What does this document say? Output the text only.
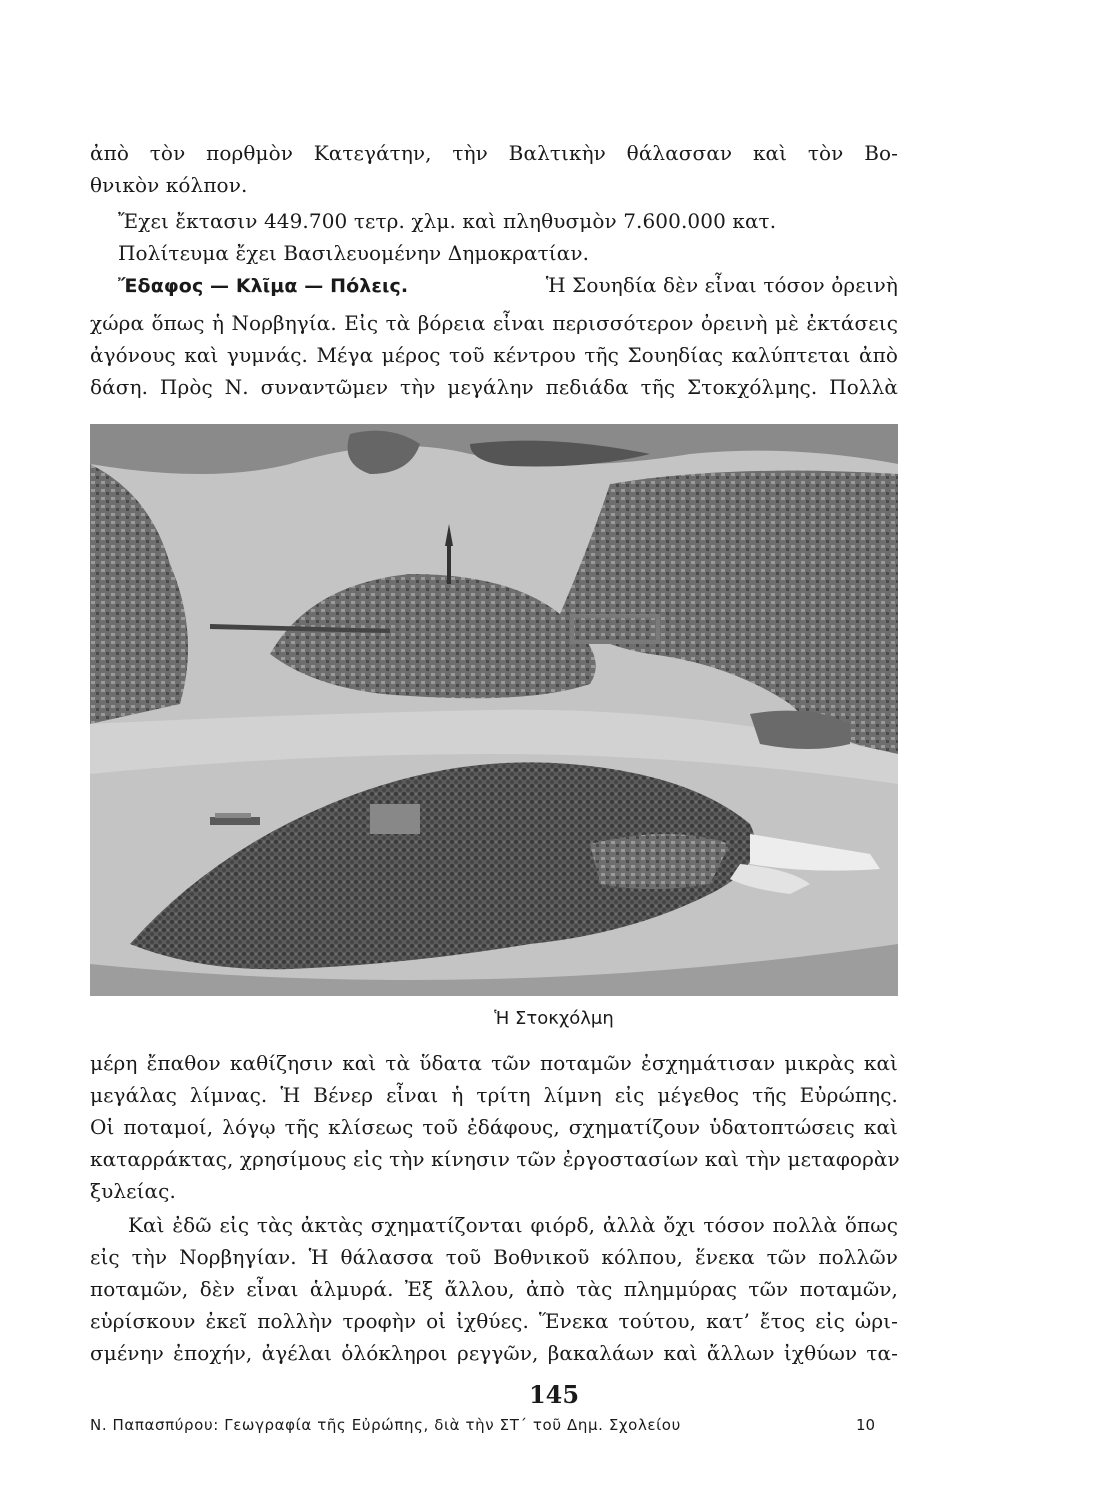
ἀπὸ τὸν πορθμὸν Κατεγάτην, τὴν Βαλτικὴν θάλασσαν καὶ τὸν Βο-
θνικὸν κόλπον.
Ἔχει ἔκτασιν 449.700 τετρ. χλμ. καὶ πληθυσμὸν 7.600.000 κατ.
Πολίτευμα ἔχει Βασιλευομένην Δημοκρατίαν.
Ἔδαφος — Κλῖμα — Πόλεις.	Ἡ Σουηδία δὲν εἶναι τόσον ὀρεινὴ
χώρα ὅπως ἡ Νορβηγία. Εἰς τὰ βόρεια εἶναι περισσότερον ὀρεινὴ μὲ ἐκτάσεις
ἀγόνους καὶ γυμνάς. Μέγα μέρος τοῦ κέντρου τῆς Σουηδίας καλύπτεται ἀπὸ
δάση. Πρὸς Ν. συναντῶμεν τὴν μεγάλην πεδιάδα τῆς Στοκχόλμης. Πολλὰ
Ἡ Στοκχόλμη
μέρη ἔπαθον καθίζησιν καὶ τὰ ὕδατα τῶν ποταμῶν ἐσχημάτισαν μικρὰς καὶ
μεγάλας λίμνας. Ἡ Βένερ εἶναι ἡ τρίτη λίμνη εἰς μέγεθος τῆς Εὐρώπης.
Οἱ ποταμοί, λόγῳ τῆς κλίσεως τοῦ ἐδάφους, σχηματίζουν ὑδατοπτώσεις καὶ
καταρράκτας, χρησίμους εἰς τὴν κίνησιν τῶν ἐργοστασίων καὶ τὴν μεταφορὰν
ξυλείας.
Καὶ ἐδῶ εἰς τὰς ἀκτὰς σχηματίζονται φιόρδ, ἀλλὰ ὄχι τόσον πολλὰ ὅπως
εἰς τὴν Νορβηγίαν. Ἡ θάλασσα τοῦ Βοθνικοῦ κόλπου, ἕνεκα τῶν πολλῶν
ποταμῶν, δὲν εἶναι ἁλμυρά. Ἐξ ἄλλου, ἀπὸ τὰς πλημμύρας τῶν ποταμῶν,
εὑρίσκουν ἐκεῖ πολλὴν τροφὴν οἱ ἰχθύες. Ἕνεκα τούτου, κατ’ ἔτος εἰς ὡρι-
σμένην ἐποχήν, ἀγέλαι ὁλόκληροι ρεγγῶν, βακαλάων καὶ ἄλλων ἰχθύων τα-
145
Ν. Παπασπύρου: Γεωγραφία τῆς Εὐρώπης, διὰ τὴν ΣΤ΄ τοῦ Δημ. Σχολείου	10
